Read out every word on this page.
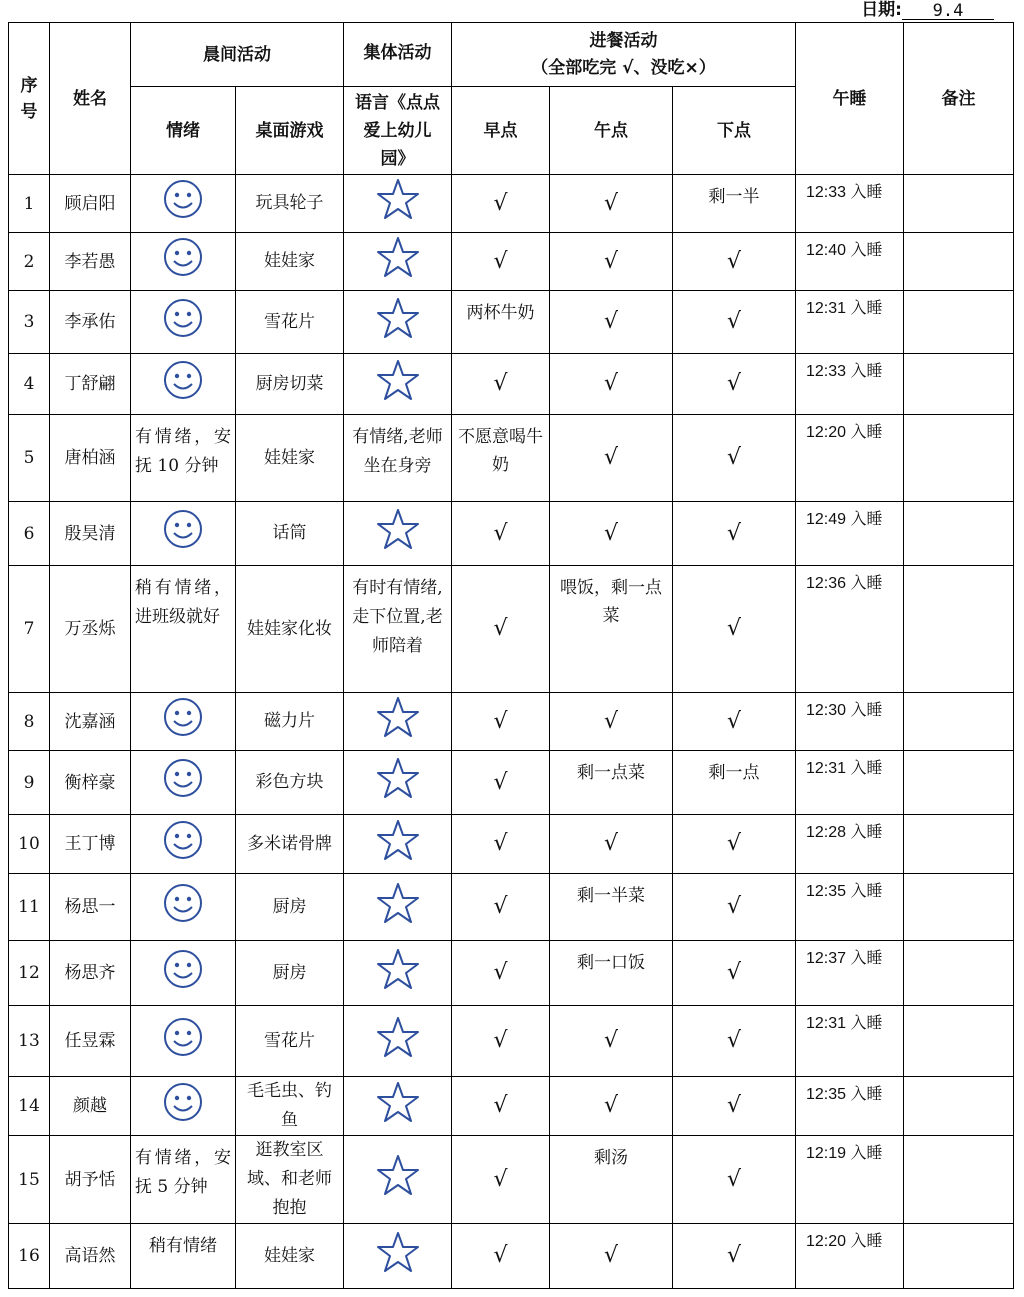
日期:	9.4
序号	姓名	晨间活动		集体活动	进餐活动
（全部吃完 √、没吃×）			午睡	备注
		情绪	桌面游戏	语言《点点爱上幼儿园》	早点	午点	下点		
1	顾启阳		玩具轮子		√	√	剩一半	12:33 入睡	
2	李若愚		娃娃家		√	√	√	12:40 入睡	
3	李承佑		雪花片		两杯牛奶	√	√	12:31 入睡	
4	丁舒翩		厨房切菜		√	√	√	12:33 入睡	
5	唐柏涵	有情绪，安抚 10 分钟	娃娃家	有情绪,老师坐在身旁	不愿意喝牛奶	√	√	12:20 入睡	
6	殷昊清		话筒		√	√	√	12:49 入睡	
7	万丞烁	稍有情绪，进班级就好	娃娃家化妆	有时有情绪,走下位置,老师陪着	√	喂饭，剩一点菜	√	12:36 入睡	
8	沈嘉涵		磁力片		√	√	√	12:30 入睡	
9	衡梓豪		彩色方块		√	剩一点菜	剩一点	12:31 入睡	
10	王丁博		多米诺骨牌		√	√	√	12:28 入睡	
11	杨思一		厨房		√	剩一半菜	√	12:35 入睡	
12	杨思齐		厨房		√	剩一口饭	√	12:37 入睡	
13	任昱霖		雪花片		√	√	√	12:31 入睡	
14	颜越		毛毛虫、钓鱼		√	√	√	12:35 入睡	
15	胡予恬	有情绪，安抚 5 分钟	逛教室区域、和老师抱抱		√	剩汤	√	12:19 入睡	
16	高语然	稍有情绪	娃娃家		√	√	√	12:20 入睡	
